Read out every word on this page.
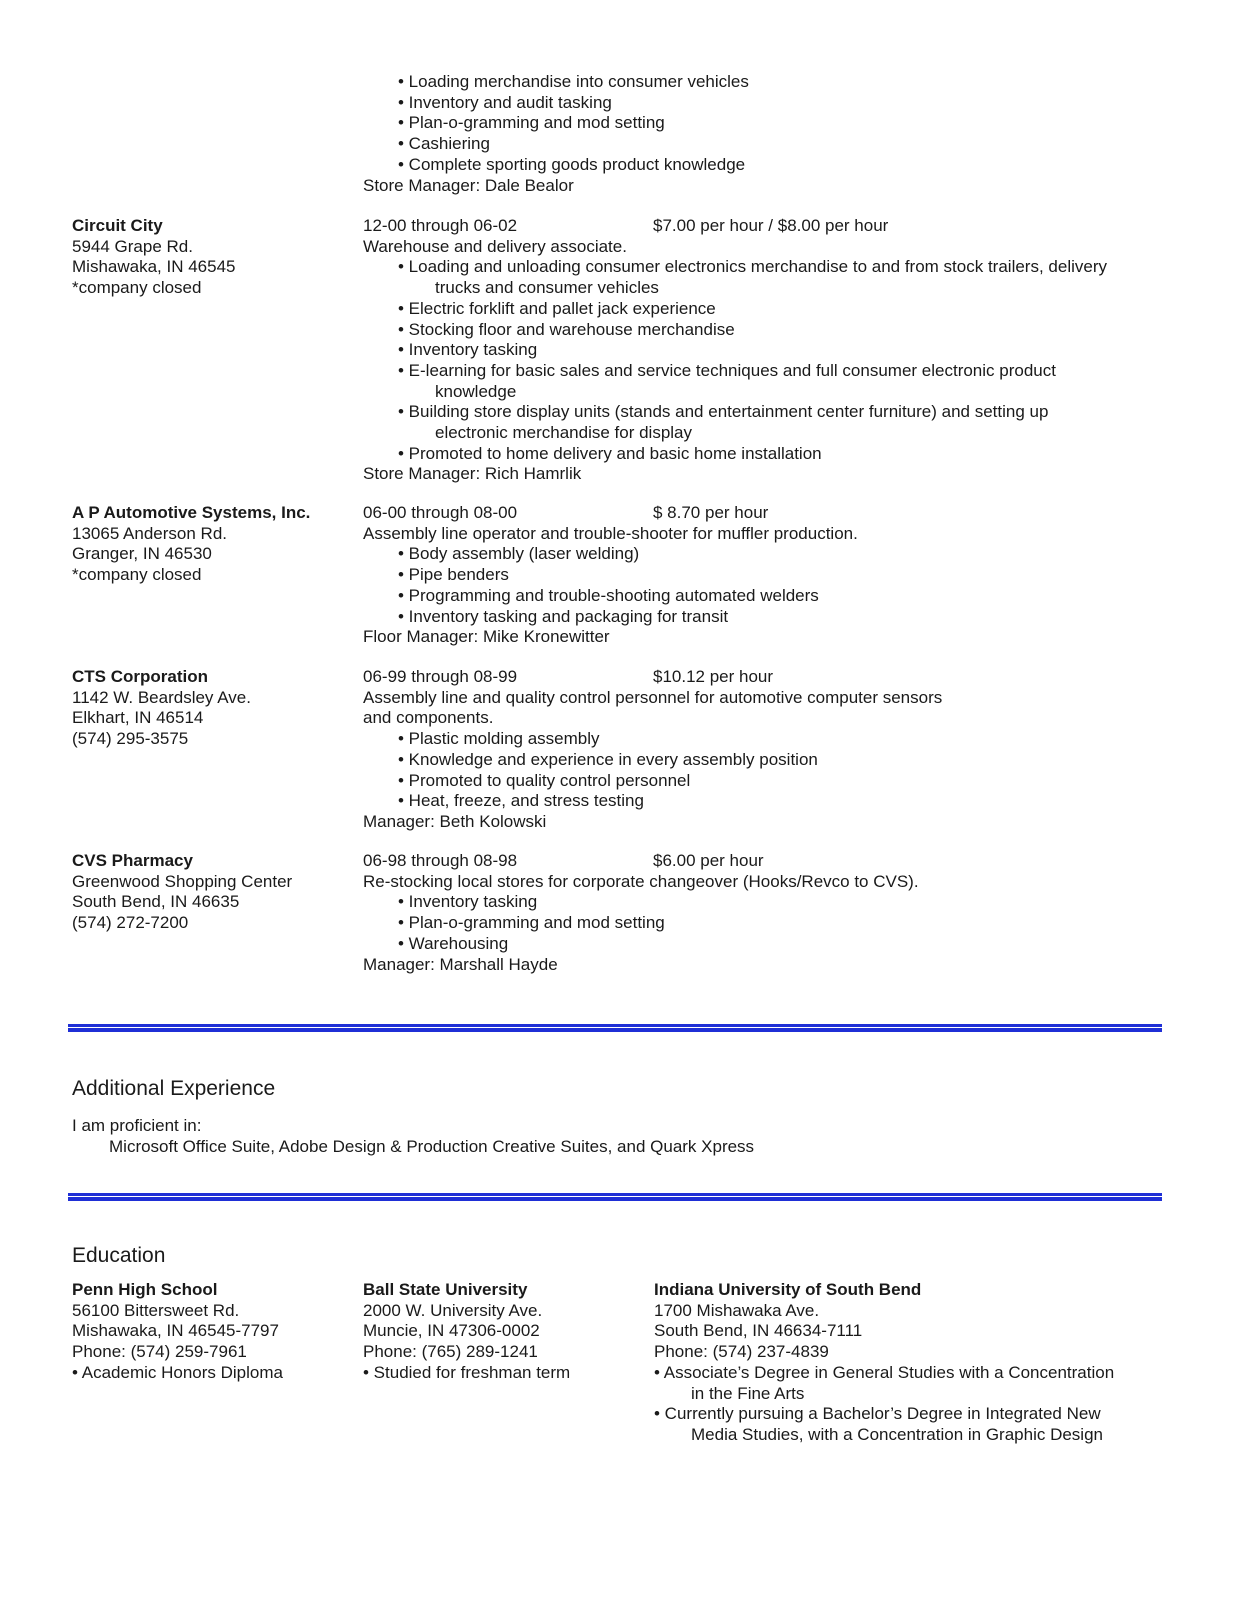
• Loading merchandise into consumer vehicles
• Inventory and audit tasking
• Plan-o-gramming and mod setting
• Cashiering
• Complete sporting goods product knowledge
Store Manager: Dale Bealor
Circuit City
5944 Grape Rd.
Mishawaka, IN 46545
*company closed
12-00 through 06-02	$7.00 per hour / $8.00 per hour
Warehouse and delivery associate.
• Loading and unloading consumer electronics merchandise to and from stock trailers, delivery
trucks and consumer vehicles
• Electric forklift and pallet jack experience
• Stocking floor and warehouse merchandise
• Inventory tasking
• E-learning for basic sales and service techniques and full consumer electronic product
knowledge
• Building store display units (stands and entertainment center furniture) and setting up
electronic merchandise for display
• Promoted to home delivery and basic home installation
Store Manager: Rich Hamrlik
A P Automotive Systems, Inc.
13065 Anderson Rd.
Granger, IN 46530
*company closed
06-00 through 08-00	$ 8.70 per hour
Assembly line operator and trouble-shooter for muffler production.
• Body assembly (laser welding)
• Pipe benders
• Programming and trouble-shooting automated welders
• Inventory tasking and packaging for transit
Floor Manager: Mike Kronewitter
CTS Corporation
1142 W. Beardsley Ave.
Elkhart, IN 46514
(574) 295-3575
06-99 through 08-99	$10.12 per hour
Assembly line and quality control personnel for automotive computer sensors
and components.
• Plastic molding assembly
• Knowledge and experience in every assembly position
• Promoted to quality control personnel
• Heat, freeze, and stress testing
Manager: Beth Kolowski
CVS Pharmacy
Greenwood Shopping Center
South Bend, IN 46635
(574) 272-7200
06-98 through 08-98	$6.00 per hour
Re-stocking local stores for corporate changeover (Hooks/Revco to CVS).
• Inventory tasking
• Plan-o-gramming and mod setting
• Warehousing
Manager: Marshall Hayde
Additional Experience
I am proficient in:
Microsoft Office Suite, Adobe Design & Production Creative Suites, and Quark Xpress
Education
Penn High School
56100 Bittersweet Rd.
Mishawaka, IN 46545-7797
Phone: (574) 259-7961
• Academic Honors Diploma
Ball State University
2000 W. University Ave.
Muncie, IN 47306-0002
Phone: (765) 289-1241
• Studied for freshman term
Indiana University of South Bend
1700 Mishawaka Ave.
South Bend, IN 46634-7111
Phone: (574) 237-4839
• Associate’s Degree in General Studies with a Concentration
in the Fine Arts
• Currently pursuing a Bachelor’s Degree in Integrated New
Media Studies, with a Concentration in Graphic Design
